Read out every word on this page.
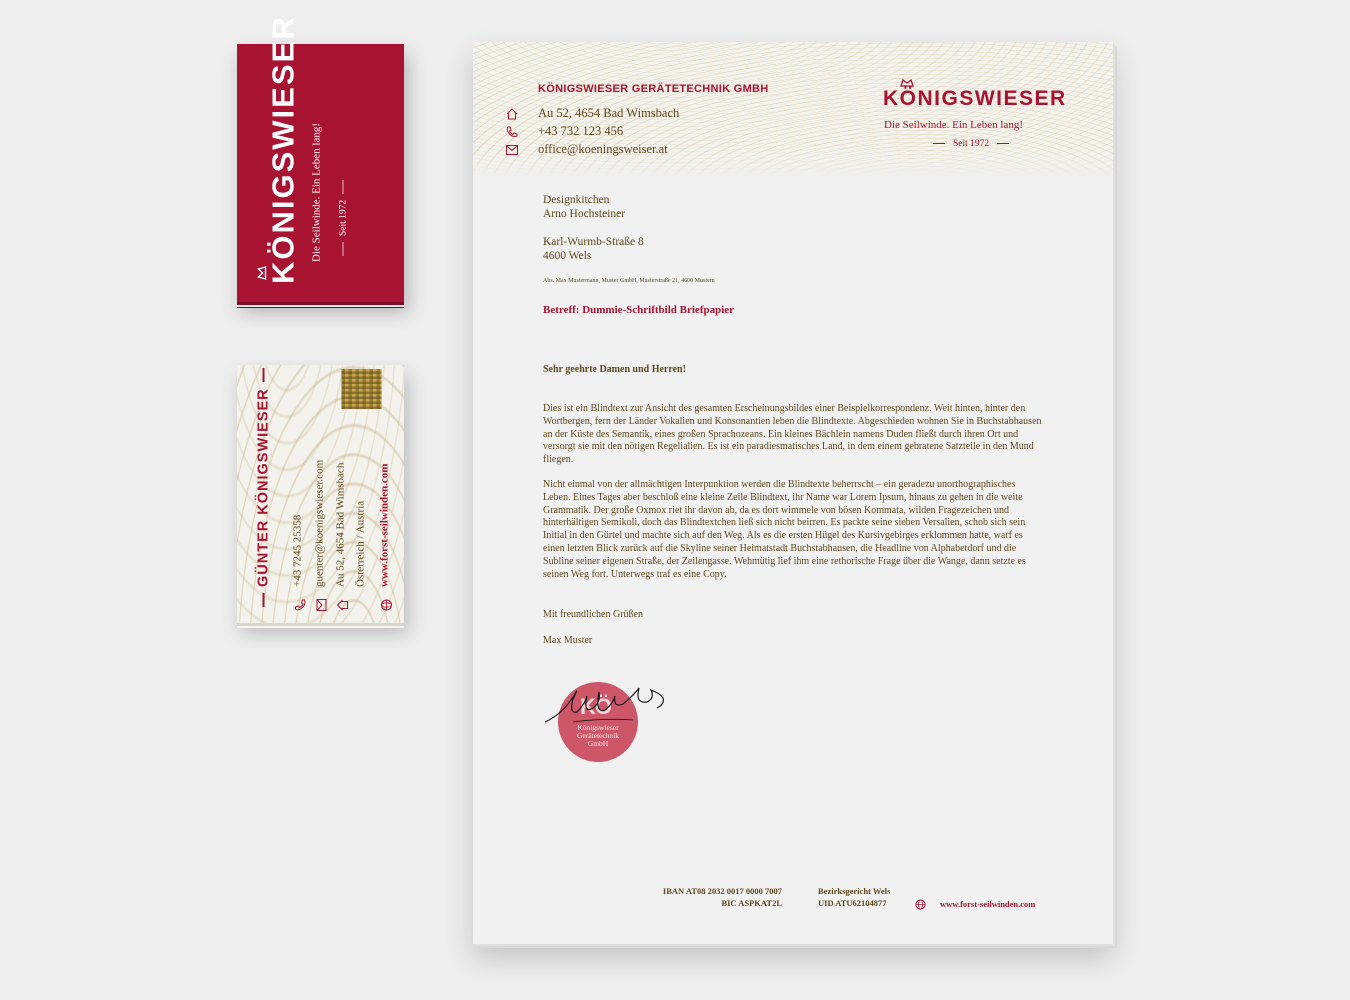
KÖNIGSWIESER Die Seilwinde. Ein Leben lang! Seit 1972
GÜNTER KÖNIGSWIESER +43 7245 25358 guenter@koenigswieser.com Au 52, 4654 Bad Wimsbach Österreich / Austria www.forst-seilwinden.com
KÖNIGSWIESER GERÄTETECHNIK GMBH
Au 52, 4654 Bad Wimsbach
+43 732 123 456
office@koeningsweiser.at
KÖNIGSWIESER
Die Seilwinde. Ein Leben lang!
Seit 1972
Designkitchen
Arno Hochsteiner
Karl-Wurmb-Straße 8
4600 Wels
Abs. Max Mustermann, Muster GmbH, Musterstraße 21, 4600 Mustern
Betreff: Dummie-Schriftbild Briefpapier
Sehr geehrte Damen und Herren!
Dies ist ein Blindtext zur Ansicht des gesamten Erscheinungsbildes einer Beispielkorrespondenz. Weit hinten, hinter den Wortbergen, fern der Länder Vokalien und Konsonantien leben die Blindtexte. Abgeschieden wohnen Sie in Buchstabhausen an der Küste des Semantik, eines großen Sprachozeans. Ein kleines Bächlein namens Duden fließt durch ihren Ort und versorgt sie mit den nötigen Regelialien. Es ist ein paradiesmatisches Land, in dem einem gebratene Satzteile in den Mund fliegen.
Nicht einmal von der allmächtigen Interpunktion werden die Blindtexte beherrscht – ein geradezu unorthographisches Leben. Eines Tages aber beschloß eine kleine Zeile Blindtext, ihr Name war Lorem Ipsum, hinaus zu gehen in die weite Grammatik. Der große Oxmox riet ihr davon ab, da es dort wimmele von bösen Kommata, wilden Fragezeichen und hinterhältigen Semikoli, doch das Blindtextchen ließ sich nicht beirren. Es packte seine sieben Versalien, schob sich sein Initial in den Gürtel und machte sich auf den Weg. Als es die ersten Hügel des Kursivgebirges erklommen hatte, warf es einen letzten Blick zurück auf die Skyline seiner Heimatstadt Buchstabhausen, die Headline von Alphabetdorf und die Subline seiner eigenen Straße, der Zeilengasse. Wehmütig lief ihm eine rethorische Frage über die Wange, dann setzte es seinen Weg fort. Unterwegs traf es eine Copy.
Mit freundlichen Grüßen
Max Muster
KÖ
Königswieser
Gerätetechnik
GmbH
IBAN AT08 2032 0017 0000 7007
BIC ASPKAT2L
Bezirksgericht Wels
UID ATU62104877	www.forst-seilwinden.com
